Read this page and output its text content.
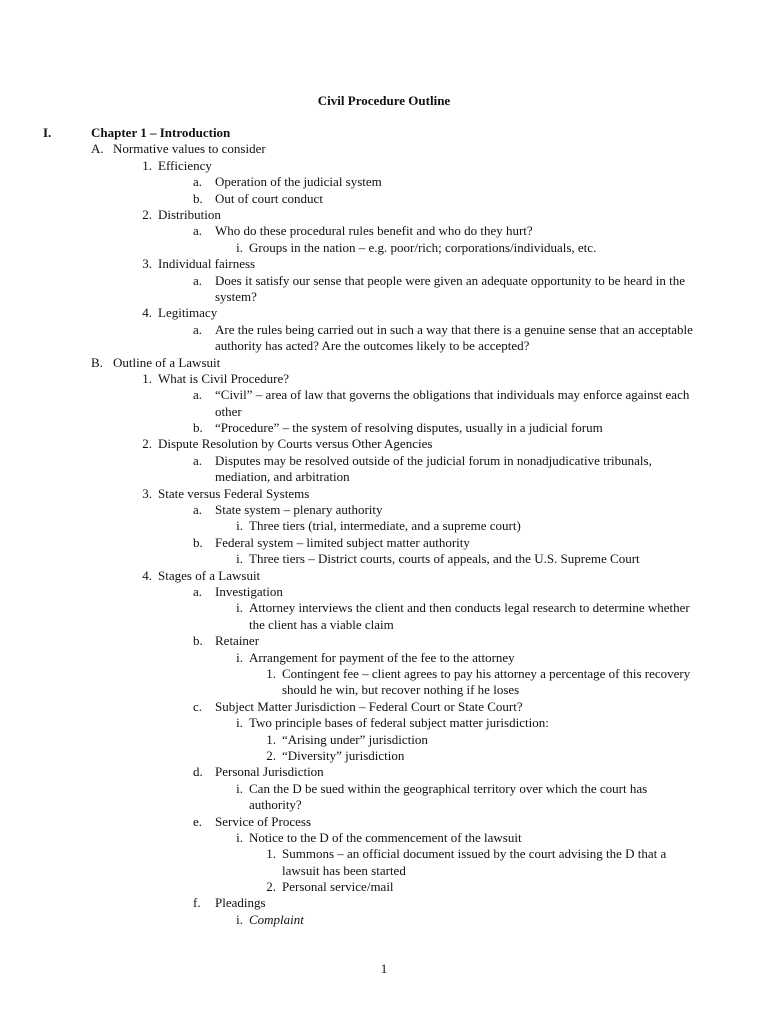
Civil Procedure Outline
I.	Chapter 1 – Introduction
A. Normative values to consider
1. Efficiency
a. Operation of the judicial system
b. Out of court conduct
2. Distribution
a. Who do these procedural rules benefit and who do they hurt?
i. Groups in the nation – e.g. poor/rich; corporations/individuals, etc.
3. Individual fairness
a. Does it satisfy our sense that people were given an adequate opportunity to be heard in the system?
4. Legitimacy
a. Are the rules being carried out in such a way that there is a genuine sense that an acceptable authority has acted? Are the outcomes likely to be accepted?
B. Outline of a Lawsuit
1. What is Civil Procedure?
a. “Civil” – area of law that governs the obligations that individuals may enforce against each other
b. “Procedure” – the system of resolving disputes, usually in a judicial forum
2. Dispute Resolution by Courts versus Other Agencies
a. Disputes may be resolved outside of the judicial forum in nonadjudicative tribunals, mediation, and arbitration
3. State versus Federal Systems
a. State system – plenary authority
i. Three tiers (trial, intermediate, and a supreme court)
b. Federal system – limited subject matter authority
i. Three tiers – District courts, courts of appeals, and the U.S. Supreme Court
4. Stages of a Lawsuit
a. Investigation
i. Attorney interviews the client and then conducts legal research to determine whether the client has a viable claim
b. Retainer
i. Arrangement for payment of the fee to the attorney
1. Contingent fee – client agrees to pay his attorney a percentage of this recovery should he win, but recover nothing if he loses
c. Subject Matter Jurisdiction – Federal Court or State Court?
i. Two principle bases of federal subject matter jurisdiction:
1. “Arising under” jurisdiction
2. “Diversity” jurisdiction
d. Personal Jurisdiction
i. Can the D be sued within the geographical territory over which the court has authority?
e. Service of Process
i. Notice to the D of the commencement of the lawsuit
1. Summons – an official document issued by the court advising the D that a lawsuit has been started
2. Personal service/mail
f. Pleadings
i. Complaint
1
